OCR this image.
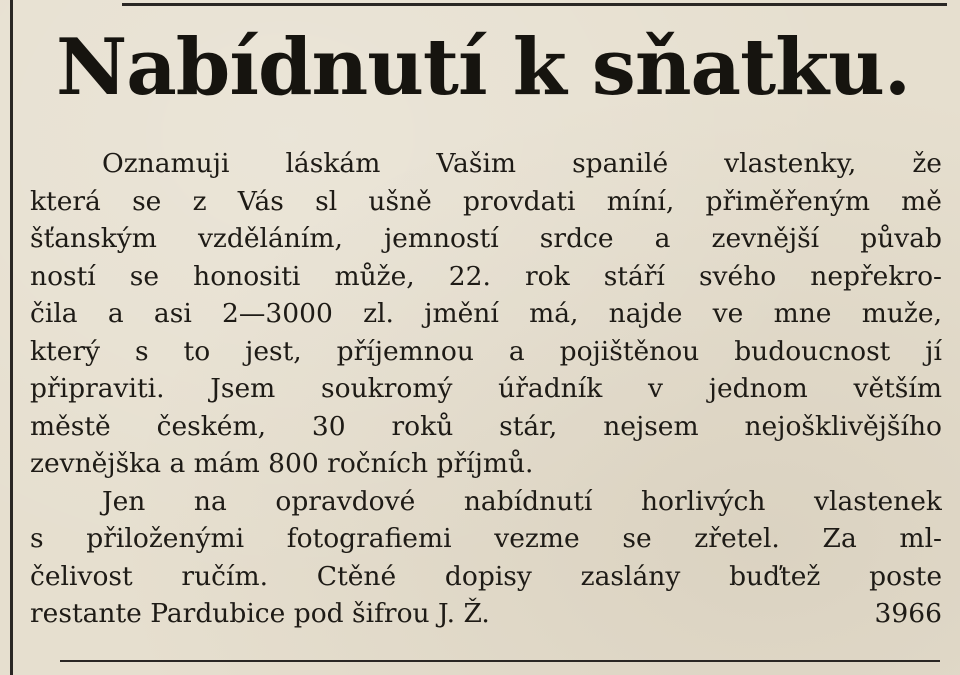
Nabídnutí k sňatku.
Oznamuji láskám Vašim spanilé vlastenky, že
která se z Vás sl ušně provdati míní, přiměřeným mě
šťanským vzděláním, jemností srdce a zevnější půvab
ností se honositi může, 22. rok stáří svého nepřekro-
čila a asi 2—3000 zl. jmění má, najde ve mne muže,
který s to jest, příjemnou a pojištěnou budoucnost jí
připraviti. Jsem soukromý úřadník v jednom větším
městě českém, 30 roků stár, nejsem nejošklivějšího
zevnějška a mám 800 ročních příjmů.
Jen na opravdové nabídnutí horlivých vlastenek
s přiloženými fotografiemi vezme se zřetel. Za ml-
čelivost ručím. Ctěné dopisy zaslány buďtež poste
restante Pardubice pod šifrou J. Ž.	3966
